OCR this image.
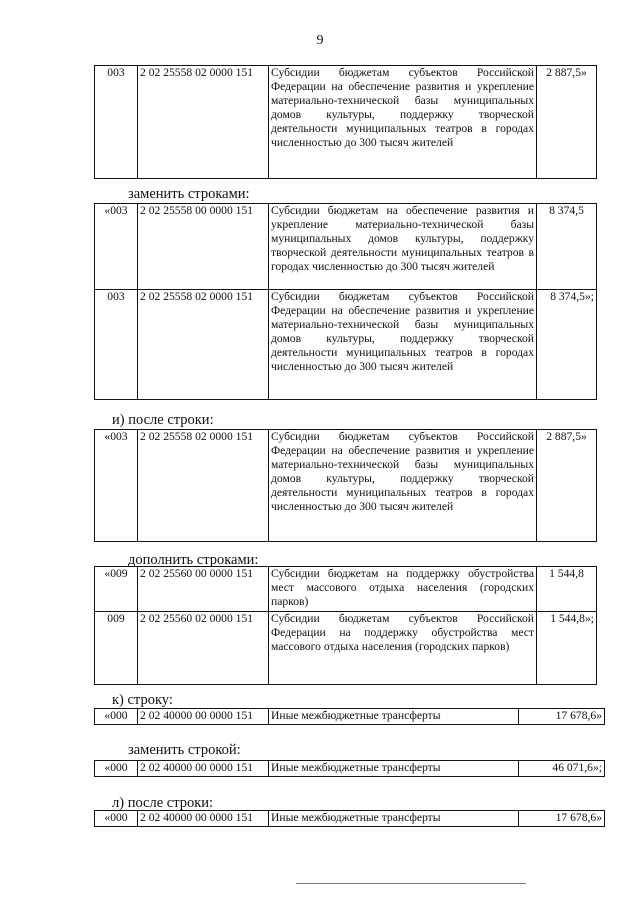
9
003	2 02 25558 02 0000 151	Субсидии бюджетам субъектов Российской Федерации на обеспечение развития и укрепление материально-технической базы муниципальных домов культуры, поддержку творческой деятельности муниципальных театров в городах численностью до 300 тысяч жителей	2 887,5»
заменить строками:
«003	2 02 25558 00 0000 151	Субсидии бюджетам на обеспечение развития и укрепление материально-технической базы муниципальных домов культуры, поддержку творческой деятельности муниципальных театров в городах численностью до 300 тысяч жителей	8 374,5
003	2 02 25558 02 0000 151	Субсидии бюджетам субъектов Российской Федерации на обеспечение развития и укрепление материально-технической базы муниципальных домов культуры, поддержку творческой деятельности муниципальных театров в городах численностью до 300 тысяч жителей	8 374,5»;
и) после строки:
«003	2 02 25558 02 0000 151	Субсидии бюджетам субъектов Российской Федерации на обеспечение развития и укрепление материально-технической базы муниципальных домов культуры, поддержку творческой деятельности муниципальных театров в городах численностью до 300 тысяч жителей	2 887,5»
дополнить строками:
«009	2 02 25560 00 0000 151	Субсидии бюджетам на поддержку обустройства мест массового отдыха населения (городских парков)	1 544,8
009	2 02 25560 02 0000 151	Субсидии бюджетам субъектов Российской Федерации на поддержку обустройства мест массового отдыха населения (городских парков)	1 544,8»;
к) строку:
«000	2 02 40000 00 0000 151	Иные межбюджетные трансферты	17 678,6»
заменить строкой:
«000	2 02 40000 00 0000 151	Иные межбюджетные трансферты	46 071,6»;
л) после строки:
«000	2 02 40000 00 0000 151	Иные межбюджетные трансферты	17 678,6»
